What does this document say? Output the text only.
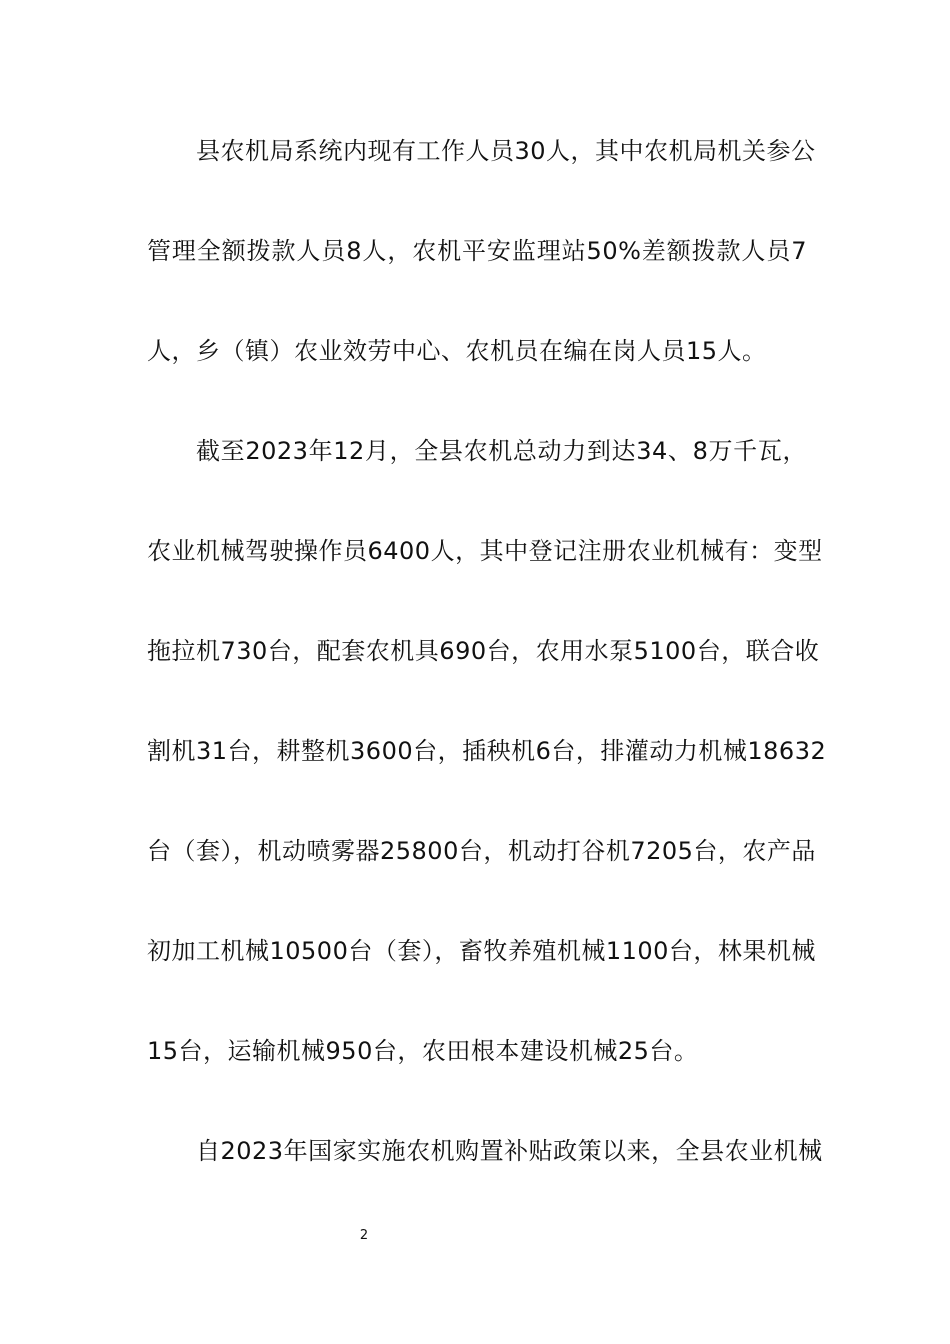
县农机局系统内现有工作人员30人，其中农机局机关参公
管理全额拨款人员8人，农机平安监理站50%差额拨款人员7
人，乡（镇）农业效劳中心、农机员在编在岗人员15人。
截至2023年12月，全县农机总动力到达34、8万千瓦，
农业机械驾驶操作员6400人，其中登记注册农业机械有：变型
拖拉机730台，配套农机具690台，农用水泵5100台，联合收
割机31台，耕整机3600台，插秧机6台，排灌动力机械18632
台（套），机动喷雾器25800台，机动打谷机7205台，农产品
初加工机械10500台（套），畜牧养殖机械1100台，林果机械
15台，运输机械950台，农田根本建设机械25台。
自2023年国家实施农机购置补贴政策以来，全县农业机械
2
